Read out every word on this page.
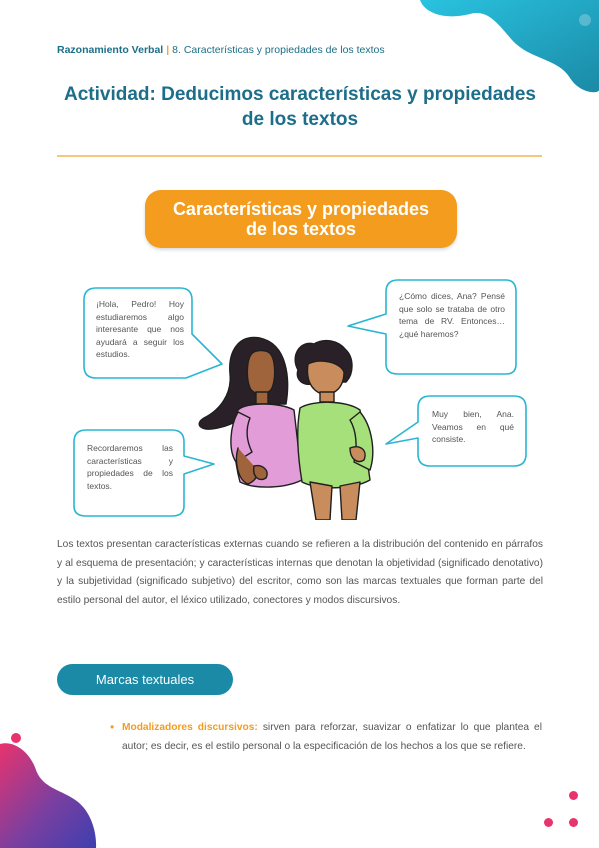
Razonamiento Verbal | 8. Características y propiedades de los textos
Actividad: Deducimos características y propiedades
de los textos
Características y propiedades
de los textos
¡Hola, Pedro! Hoy estudiaremos algo interesante que nos ayudará a seguir los estudios.
Recordaremos las características y propiedades de los textos.
¿Cómo dices, Ana? Pensé que solo se trataba de otro tema de RV. Entonces…¿qué haremos?
Muy bien, Ana. Veamos en qué consiste.
Los textos presentan características externas cuando se refieren a la distribución del contenido en párrafos y al esquema de presentación; y características internas que denotan la objetividad (significado denotativo) y la subjetividad (significado subjetivo) del escritor, como son las marcas textuales que forman parte del estilo personal del autor, el léxico utilizado, conectores y modos discursivos.
Marcas textuales
• Modalizadores discursivos: sirven para reforzar, suavizar o enfatizar lo que plantea el autor; es decir, es el estilo personal o la especificación de los hechos a los que se refiere.
